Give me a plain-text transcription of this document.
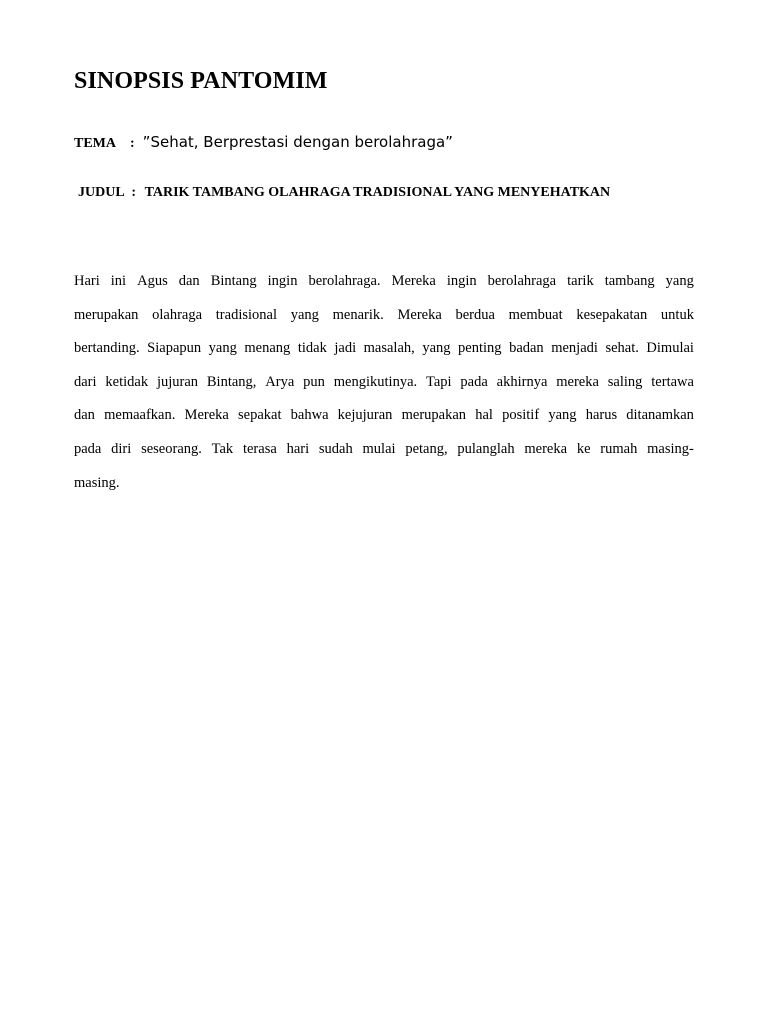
SINOPSIS PANTOMIM
TEMA : ”Sehat, Berprestasi dengan berolahraga”
JUDUL : TARIK TAMBANG OLAHRAGA TRADISIONAL YANG MENYEHATKAN
Hari ini Agus dan Bintang ingin berolahraga. Mereka ingin berolahraga tarik tambang yang
merupakan olahraga tradisional yang menarik. Mereka berdua membuat kesepakatan untuk
bertanding. Siapapun yang menang tidak jadi masalah, yang penting badan menjadi sehat. Dimulai
dari ketidak jujuran Bintang, Arya pun mengikutinya. Tapi pada akhirnya mereka saling tertawa
dan memaafkan. Mereka sepakat bahwa kejujuran merupakan hal positif yang harus ditanamkan
pada diri seseorang. Tak terasa hari sudah mulai petang, pulanglah mereka ke rumah masing-
masing.
